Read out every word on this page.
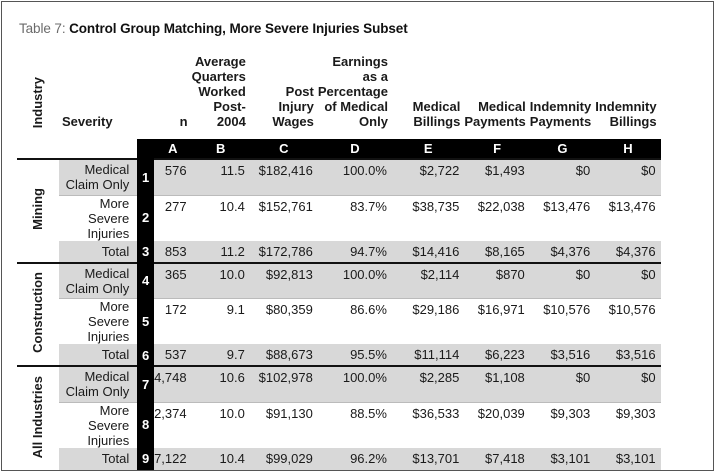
Table 7: Control Group Matching, More Severe Injuries Subset
Industry	Severity		n	Average Quarters Worked Post-2004	Post Injury Wages	Earnings as a Percentage of Medical Only	Medical Billings	Medical Payments	Indemnity Payments	Indemnity Billings
			A	B	C	D	E	F	G	H
Mining	Medical Claim Only	1	576	11.5	$182,416	100.0%	$2,722	$1,493	$0	$0
	More Severe Injuries	2	277	10.4	$152,761	83.7%	$38,735	$22,038	$13,476	$13,476
	Total	3	853	11.2	$172,786	94.7%	$14,416	$8,165	$4,376	$4,376
Construction	Medical Claim Only	4	365	10.0	$92,813	100.0%	$2,114	$870	$0	$0
	More Severe Injuries	5	172	9.1	$80,359	86.6%	$29,186	$16,971	$10,576	$10,576
	Total	6	537	9.7	$88,673	95.5%	$11,114	$6,223	$3,516	$3,516
All Industries	Medical Claim Only	7	4,748	10.6	$102,978	100.0%	$2,285	$1,108	$0	$0
	More Severe Injuries	8	2,374	10.0	$91,130	88.5%	$36,533	$20,039	$9,303	$9,303
	Total	9	7,122	10.4	$99,029	96.2%	$13,701	$7,418	$3,101	$3,101
